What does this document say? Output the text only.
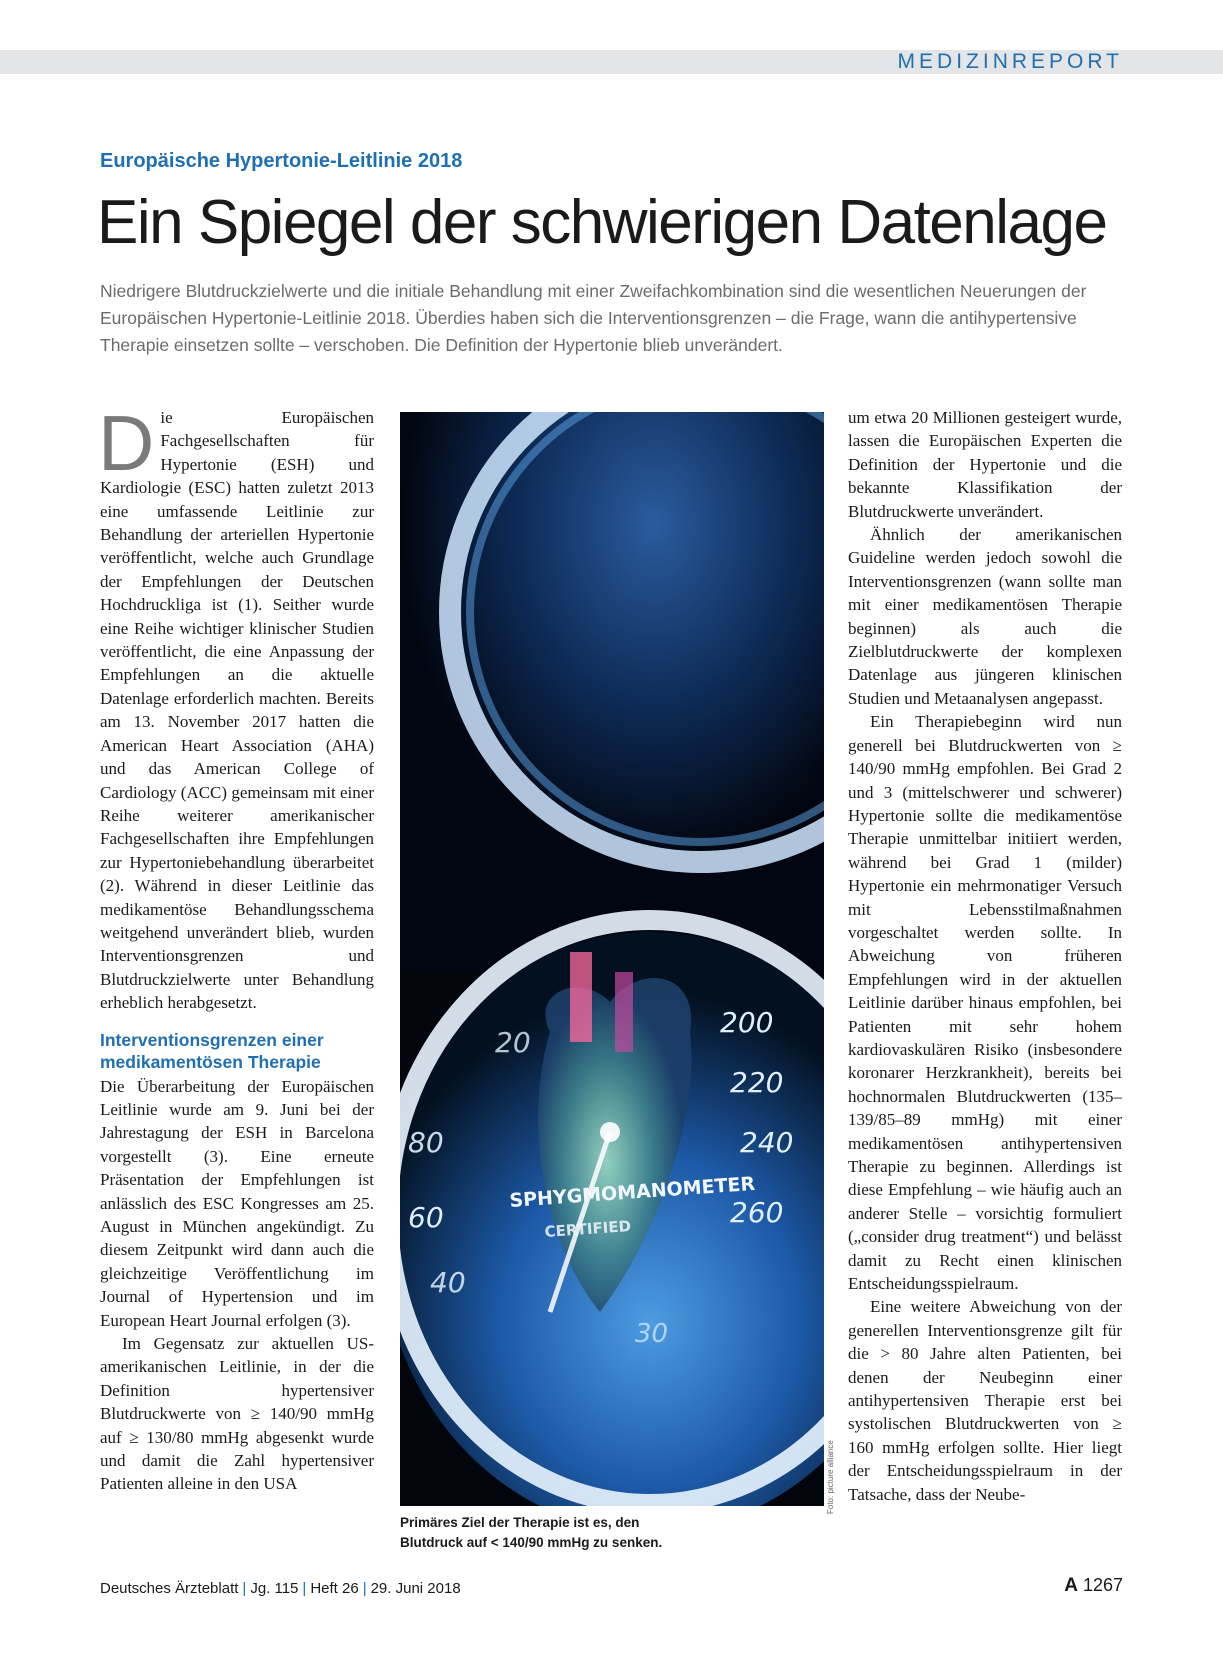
MEDIZINREPORT
Europäische Hypertonie-Leitlinie 2018
Ein Spiegel der schwierigen Datenlage
Niedrigere Blutdruckzielwerte und die initiale Behandlung mit einer Zweifachkombination sind die wesentlichen Neuerungen der Europäischen Hypertonie-Leitlinie 2018. Überdies haben sich die Interventionsgrenzen – die Frage, wann die antihypertensive Therapie einsetzen sollte – verschoben. Die Definition der Hypertonie blieb unverändert.

Die Europäischen Fachgesellschaften für Hypertonie (ESH) und Kardiologie (ESC) hatten zuletzt 2013 eine umfassende Leitlinie zur Behandlung der arteriellen Hypertonie veröffentlicht, welche auch Grundlage der Empfehlungen der Deutschen Hochdruckliga ist (1). Seither wurde eine Reihe wichtiger klinischer Studien veröffentlicht, die eine Anpassung der Empfehlungen an die aktuelle Datenlage erforderlich machten. Bereits am 13. November 2017 hatten die American Heart Association (AHA) und das American College of Cardiology (ACC) gemeinsam mit einer Reihe weiterer amerikanischer Fachgesellschaften ihre Empfehlungen zur Hypertoniebehandlung überarbeitet (2). Während in dieser Leitlinie das medikamentöse Behandlungsschema weitgehend unverändert blieb, wurden Interventionsgrenzen und Blutdruckzielwerte unter Behandlung erheblich herabgesetzt.

Interventionsgrenzen einer medikamentösen Therapie

Die Überarbeitung der Europäischen Leitlinie wurde am 9. Juni bei der Jahrestagung der ESH in Barcelona vorgestellt (3). Eine erneute Präsentation der Empfehlungen ist anlässlich des ESC Kongresses am 25. August in München angekündigt. Zu diesem Zeitpunkt wird dann auch die gleichzeitige Veröffentlichung im Journal of Hypertension und im European Heart Journal erfolgen (3).

Im Gegensatz zur aktuellen US-amerikanischen Leitlinie, in der die Definition hypertensiver Blutdruckwerte von ≥ 140/90 mmHg auf ≥ 130/80 mmHg abgesenkt wurde und damit die Zahl hypertensiver Patienten alleine in den USA

80
200
220
240
260
60
40
20
30
SPHYGMOMANOMETER
CERTIFIED
Foto: picture alliance
Primäres Ziel der Therapie ist es, den Blutdruck auf < 140/90 mmHg zu senken.

um etwa 20 Millionen gesteigert wurde, lassen die Europäischen Experten die Definition der Hypertonie und die bekannte Klassifikation der Blutdruckwerte unverändert.

Ähnlich der amerikanischen Guideline werden jedoch sowohl die Interventionsgrenzen (wann sollte man mit einer medikamentösen Therapie beginnen) als auch die Zielblutdruckwerte der komplexen Datenlage aus jüngeren klinischen Studien und Metaanalysen angepasst.

Ein Therapiebeginn wird nun generell bei Blutdruckwerten von ≥ 140/90 mmHg empfohlen. Bei Grad 2 und 3 (mittelschwerer und schwerer) Hypertonie sollte die medikamentöse Therapie unmittelbar initiiert werden, während bei Grad 1 (milder) Hypertonie ein mehrmonatiger Versuch mit Lebensstilmaßnahmen vorgeschaltet werden sollte. In Abweichung von früheren Empfehlungen wird in der aktuellen Leitlinie darüber hinaus empfohlen, bei Patienten mit sehr hohem kardiovaskulären Risiko (insbesondere koronarer Herzkrankheit), bereits bei hochnormalen Blutdruckwerten (135–139/85–89 mmHg) mit einer medikamentösen antihypertensiven Therapie zu beginnen. Allerdings ist diese Empfehlung – wie häufig auch an anderer Stelle – vorsichtig formuliert („consider drug treatment“) und belässt damit zu Recht einen klinischen Entscheidungsspielraum.

Eine weitere Abweichung von der generellen Interventionsgrenze gilt für die > 80 Jahre alten Patienten, bei denen der Neubeginn einer antihypertensiven Therapie erst bei systolischen Blutdruckwerten von ≥ 160 mmHg erfolgen sollte. Hier liegt der Entscheidungsspielraum in der Tatsache, dass der Neube-

Deutsches Ärzteblatt | Jg. 115 | Heft 26 | 29. Juni 2018	A 1267
